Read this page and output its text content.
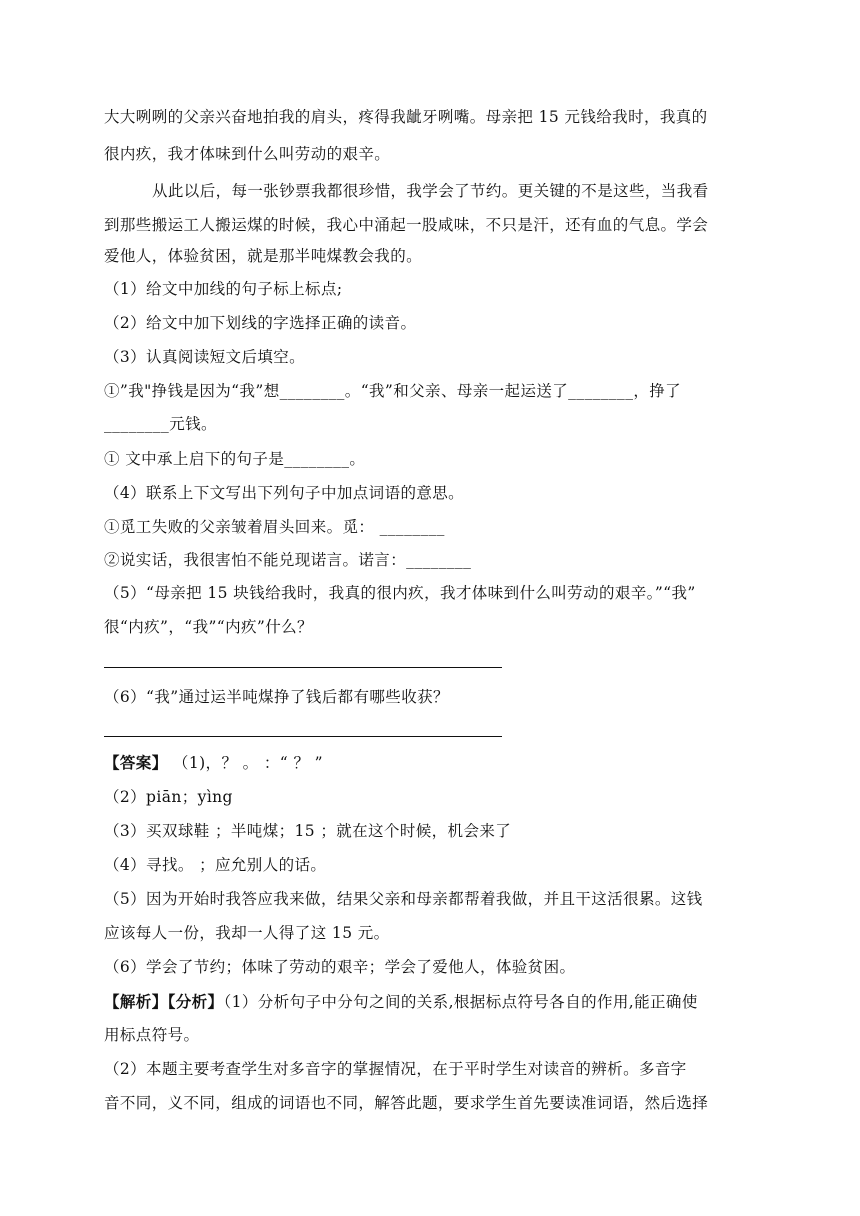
大大咧咧的父亲兴奋地拍我的肩头，疼得我龇牙咧嘴。母亲把 15 元钱给我时，我真的
很内疚，我才体味到什么叫劳动的艰辛。
从此以后，每一张钞票我都很珍惜，我学会了节约。更关键的不是这些，当我看
到那些搬运工人搬运煤的时候，我心中涌起一股咸味，不只是汗，还有血的气息。学会
爱他人，体验贫困，就是那半吨煤教会我的。
（1）给文中加线的句子标上标点;
（2）给文中加下划线的字选择正确的读音。
（3）认真阅读短文后填空。
①”我"挣钱是因为“我”想________。“我”和父亲、母亲一起运送了________，挣了
________元钱。
① 文中承上启下的句子是________。
（4）联系上下文写出下列句子中加点词语的意思。
①觅工失败的父亲皱着眉头回来。觅： ________
②说实话，我很害怕不能兑现诺言。诺言：________
（5）“母亲把 15 块钱给我时，我真的很内疚，我才体味到什么叫劳动的艰辛。”“我”
很“内疚”，“我”“内疚”什么？
（6）“我”通过运半吨煤挣了钱后都有哪些收获？
【答案】 （1)，？ 。 ：“ ？ ”
（2）piān；yìng
（3）买双球鞋 ；半吨煤；15 ；就在这个时候，机会来了
（4）寻找。 ；应允别人的话。
（5）因为开始时我答应我来做，结果父亲和母亲都帮着我做，并且干这活很累。这钱
应该每人一份，我却一人得了这 15 元。
（6）学会了节约；体味了劳动的艰辛；学会了爱他人，体验贫困。
【解析】【分析】（1）分析句子中分句之间的关系,根据标点符号各自的作用,能正确使
用标点符号。
（2）本题主要考查学生对多音字的掌握情况，在于平时学生对读音的辨析。多音字
音不同，义不同，组成的词语也不同，解答此题，要求学生首先要读准词语，然后选择
